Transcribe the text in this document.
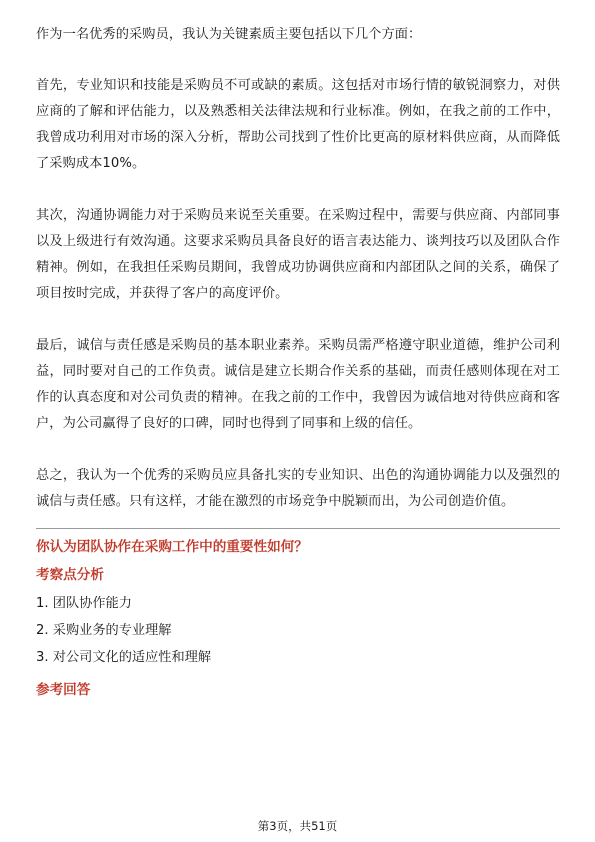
作为一名优秀的采购员，我认为关键素质主要包括以下几个方面：

首先，专业知识和技能是采购员不可或缺的素质。这包括对市场行情的敏锐洞察力，对供应商的了解和评估能力，以及熟悉相关法律法规和行业标准。例如，在我之前的工作中，我曾成功利用对市场的深入分析，帮助公司找到了性价比更高的原材料供应商，从而降低了采购成本10%。

其次，沟通协调能力对于采购员来说至关重要。在采购过程中，需要与供应商、内部同事以及上级进行有效沟通。这要求采购员具备良好的语言表达能力、谈判技巧以及团队合作精神。例如，在我担任采购员期间，我曾成功协调供应商和内部团队之间的关系，确保了项目按时完成，并获得了客户的高度评价。

最后，诚信与责任感是采购员的基本职业素养。采购员需严格遵守职业道德，维护公司利益，同时要对自己的工作负责。诚信是建立长期合作关系的基础，而责任感则体现在对工作的认真态度和对公司负责的精神。在我之前的工作中，我曾因为诚信地对待供应商和客户，为公司赢得了良好的口碑，同时也得到了同事和上级的信任。

总之，我认为一个优秀的采购员应具备扎实的专业知识、出色的沟通协调能力以及强烈的诚信与责任感。只有这样，才能在激烈的市场竞争中脱颖而出，为公司创造价值。

你认为团队协作在采购工作中的重要性如何？
考察点分析
1. 团队协作能力
2. 采购业务的专业理解
3. 对公司文化的适应性和理解
参考回答
第3页，共51页
